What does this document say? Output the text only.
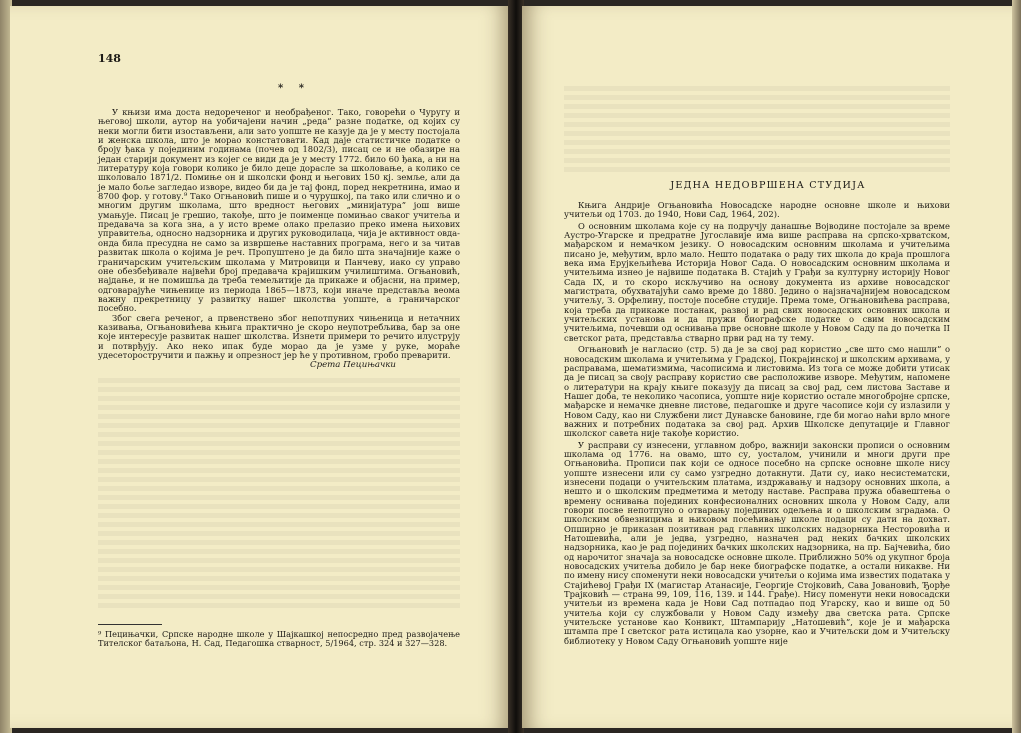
148
* *

У књизи има доста недореченог и необрађеног. Тако, говорећи о Чуругу и његовој школи, аутор на уобичајени начин „реда” разне податке, од којих су неки могли бити изостављени, али зато уопште не казује да је у месту постојала и женска школа, што је морао констатовати. Кад даје статистичке податке о броју ђака у појединим годинама (почев од 1802/3), писац се и не обазире на један старији документ из којег се види да је у месту 1772. било 60 ђака, а ни на литературу која говори колико је било деце дораслe за школовање, а колико се школовало 1871/2. Помиње он и школски фонд и његових 150 кј. земље, али да је мало боље загледао изворе, видео би да је тај фонд, поред некретнина, имао и 8700 фор. у готову.⁹ Тако Огњановић пише и о чурушкој, па тако или слично и о многим другим школама, што вредност његових „минијатура” још више умањује. Писац је грешио, такође, што је поименце помињао сваког учитеља и предавача за кога зна, а у исто време олако прелазио преко имена њихових управитеља, односно надзорника и других руководилаца, чија је активност овда-онда била пресудна не само за извршење наставних програма, него и за читав развитак школа о којима је реч. Пропуштено је да било шта значајније каже о граничарским учитељским школама у Митровици и Панчеву, иако су управо оне обезбеђивале највећи број предавача крајишким училиштима. Огњановић, најдање, и не помишља да треба темељитије да прикаже и објасни, на пример, одговарајуће чињенице из периода 1865—1873, који иначе представља веома важну прекретницу у развитку нашег школства уопште, а граничарског посебно.

Због свега реченог, а првенствено због непотпуних чињеница и нетачних казивања, Огњановићева књига практично је скоро неупотребљива, бар за оне које интересује развитак нашег школства. Изнети примери то речито илуструју и потврђују. Ако неко ипак буде морао да је узме у руке, мораће удесеторостручити и пажњу и опрезност јер ће у противном, гробо преварити.

Срета Пецињачки
⁹ Пецињачки, Српске народне школе у Шајкашкој непосредно пред развојачење Тителског батаљона, Н. Сад, Педагошка стварност, 5/1964, стр. 324 и 327—328.

Књига Андрије Огњановића Новосадске народне основне школе и њихови учитељи од 1703. до 1940, Нови Сад, 1964, 202).

О основним школама које су на подручју данашње Војводине постојале за време Аустро-Угарске и предратне Југославије има више расправа на српско-хрватском, мађарском и немачком језику. О новосадским основним школама и учитељима писано је, међутим, врло мало. Нешто података о раду тих школа до краја прошлога века има Ерујкељићева Историја Новог Сада. О новосадским основним школама и учитељима изнео је највише података В. Стајић у Грађи за културну историју Новог Сада IX, и то скоро искључиво на основу документа из архиве новосадског магистрата, обухватајући само време до 1880. Једино о најзначајнијем новосадском учитељу, З. Орфелину, постоје посебне студије. Према томе, Огњановићева расправа, која треба да прикаже постанак, развој и рад свих новосадских основних школа и учитељских установа и да пружи биографске податке о свим новосадским учитељима, почевши од оснивања прве основне школе у Новом Саду па до почетка II светског рата, представља стварно први рад на ту тему.

Огњановић је нагласио (стр. 5) да је за свој рад користио „све што смо нашли” о новосадским школама и учитељима у Градској, Покрајинској и школским архивама, у расправама, шематизмима, часописима и листовима. Из тога се може добити утисак да је писац за своју расправу користио све расположиве изворе. Међутим, напомене о литератури на крају књиге показују да писац за свој рад, сем листова Заставе и Нашег доба, те неколико часописа, уопште није користио остале многобројне српске, мађарске и немачке дневне листове, педагошке и друге часописе који су излазили у Новом Саду, као ни Службени лист Дунавске бановине, где би могао наћи врло многе важних и потребних података за свој рад. Архив Школске депутације и Главног школског савета није такође користио.

У расправи су изнесени, углавном добро, важнији законски прописи о основним школама од 1776. на овамо, што су, уосталом, учинили и многи други пре Огњановића. Прописи пак који се односе посебно на српске основне школе нису уопште изнесени или су само узгредно дотакнути. Дати су, иако несистематски, изнесени подаци о учитељским платама, издржавању и надзору основних школа, а нешто и о школским предметима и методу наставе. Расправа пружа обавештења о времену оснивања појединих конфесионалних основних школа у Новом Саду, али говори посве непотпуно о отварању појединих одељења и о школским зградама. О школским обвезницима и њиховом посећивању школе подаци су дати на дохват. Опширно је приказан позитиван рад главних школских надзорника Несторовића и Натошевића, али је једва, узгредно, назначен рад неких бачких школских надзорника, као је рад појединих бачких школских надзорника, на пр. Бајчевића, био од нарочитог значаја за новосадске основне школе. Приближно 50% од укупног броја новосадских учитеља добило је бар неке биографске податке, а остали никакве. Ни по имену нису споменути неки новосадски учитељи о којима има известих података у Стајићевој Грађи IX (магистар Атанасије, Георгије Стојковић, Сава Јовановић, Ђорђе Трајковић — страна 99, 109, 116, 139. и 144. Грађе). Нису поменути неки новосадски учитељи из времена када је Нови Сад потпадао под Угарску, као и више од 50 учитеља који су службовали у Новом Саду између два светска рата. Српске учитељске установе као Конвикт, Штампарију „Натошевић”, које је и мађарска штампа пре I светског рата истицала као узорне, као и Учитељски дом и Учитељску библиотеку у Новом Саду Огњановић уопште није

ЈЕДНА НЕДОВРШЕНА СТУДИЈА
